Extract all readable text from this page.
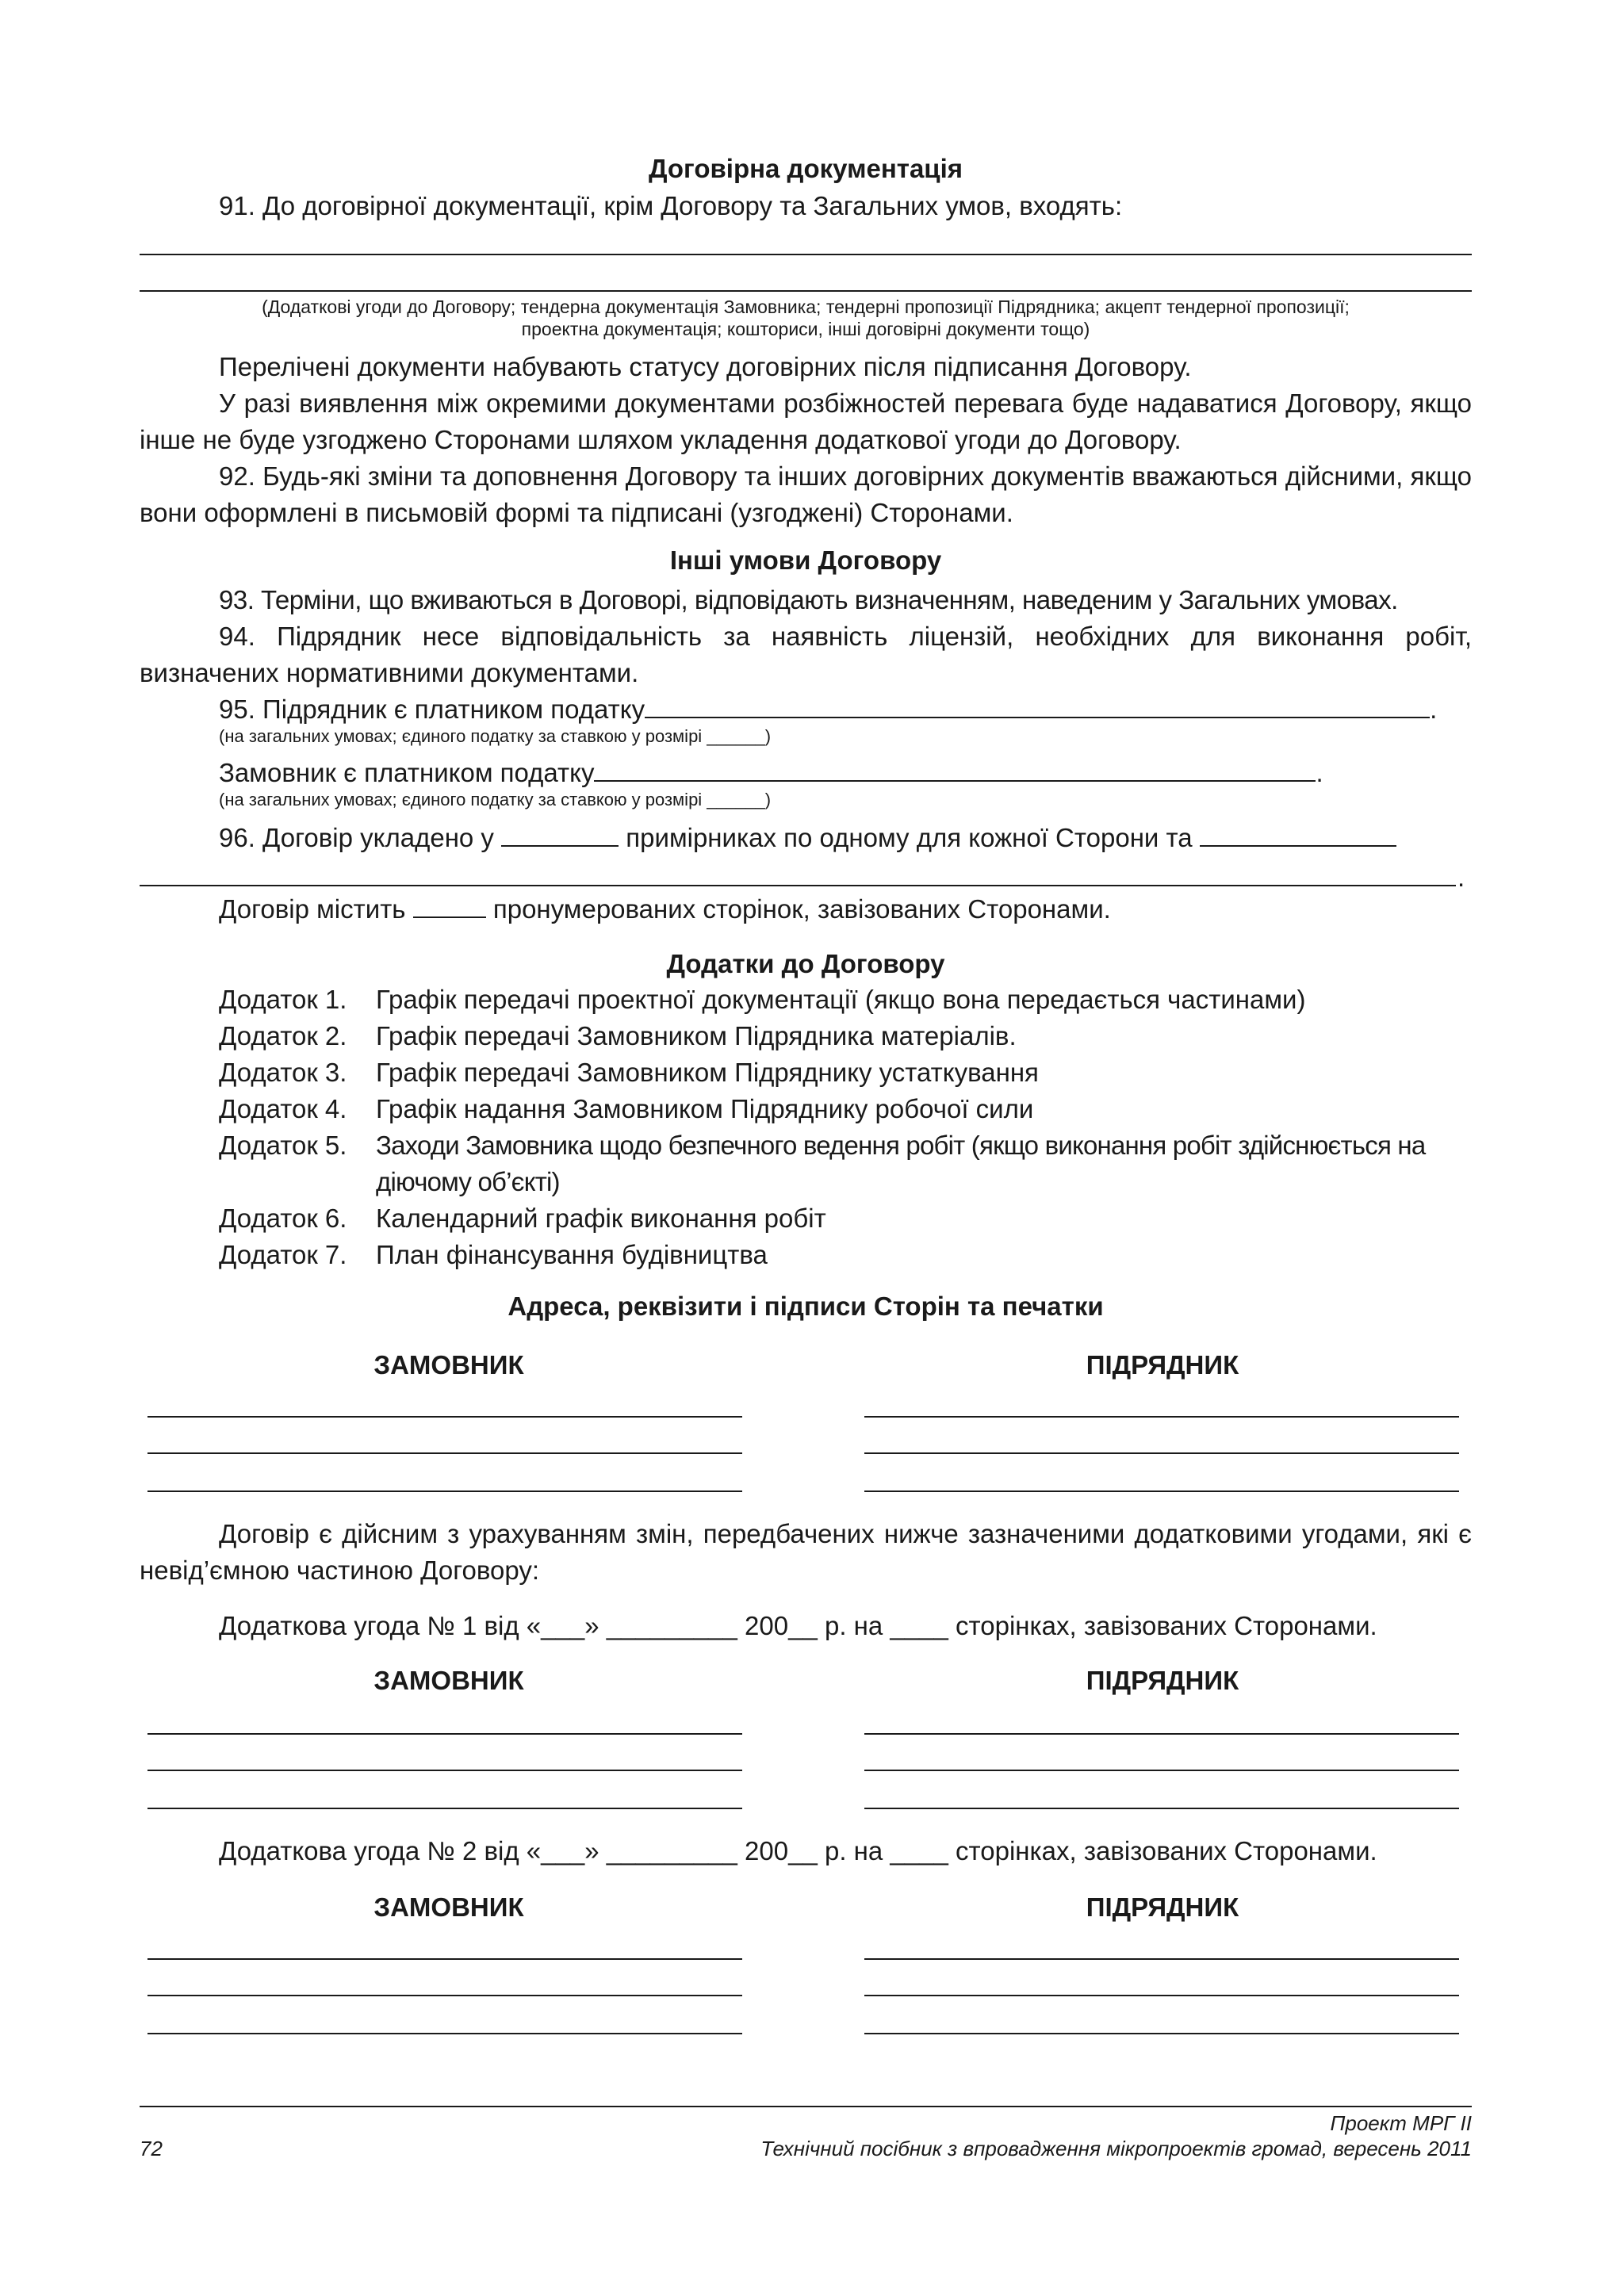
Договірна документація
91. До договірної документації, крім Договору та Загальних умов, входять:
(Додаткові угоди до Договору; тендерна документація Замовника; тендерні пропозиції Підрядника; акцепт тендерної пропозиції;
проектна документація; кошториси, інші договірні документи тощо)
Перелічені документи набувають статусу договірних після підписання Договору.
У разі виявлення між окремими документами розбіжностей перевага буде надаватися Договору, якщо інше не буде узгоджено Сторонами шляхом укладення додаткової угоди до Договору.
92. Будь-які зміни та доповнення Договору та інших договірних документів вважаються дійсними, якщо вони оформлені в письмовій формі та підписані (узгоджені) Сторонами.
Інші умови Договору
93. Терміни, що вживаються в Договорі, відповідають визначенням, наведеним у Загальних умовах.
94. Підрядник несе відповідальність за наявність ліцензій, необхідних для виконання робіт, визначених нормативними документами.
95. Підрядник є платником податку	.
(на загальних умовах; єдиного податку за ставкою у розмірі ______)
Замовник є платником податку	.
(на загальних умовах; єдиного податку за ставкою у розмірі ______)
96. Договір укладено у	примірниках по одному для кожної Сторони та
.
Договір містить	пронумерованих сторінок, завізованих Сторонами.
Додатки до Договору
Додаток 1.	Графік передачі проектної документації (якщо вона передається частинами)
Додаток 2.	Графік передачі Замовником Підрядника матеріалів.
Додаток 3.	Графік передачі Замовником Підряднику устаткування
Додаток 4.	Графік надання Замовником Підряднику робочої сили
Додаток 5.	Заходи Замовника щодо безпечного ведення робіт (якщо виконання робіт здійснюється на діючому об’єкті)
Додаток 6.	Календарний графік виконання робіт
Додаток 7.	План фінансування будівництва
Адреса, реквізити і підписи Сторін та печатки
ЗАМОВНИК	ПІДРЯДНИК
Договір є дійсним з урахуванням змін, передбачених нижче зазначеними додатковими угодами, які є невід’ємною частиною Договору:
Додаткова угода № 1 від «___» _________ 200__ р. на ____ сторінках, завізованих Сторонами.
ЗАМОВНИК	ПІДРЯДНИК
Додаткова угода № 2 від «___» _________ 200__ р. на ____ сторінках, завізованих Сторонами.
ЗАМОВНИК	ПІДРЯДНИК
Проект МРГ ІІ
Технічний посібник з впровадження мікропроектів громад, вересень 2011
72
